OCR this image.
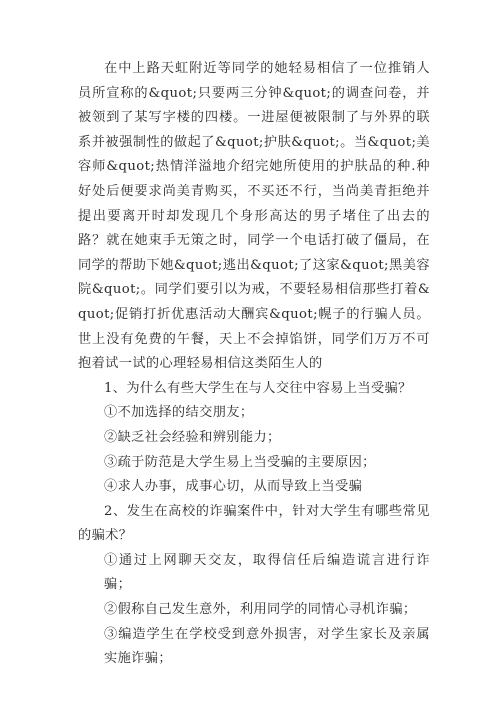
在中上路天虹附近等同学的她轻易相信了一位推销人员所宣称的&quot;只要两三分钟&quot;的调查问卷，并被领到了某写字楼的四楼。一进屋便被限制了与外界的联系并被强制性的做起了&quot;护肤&quot;。当&quot;美容师&quot;热情洋溢地介绍完她所使用的护肤品的种.种好处后便要求尚美青购买，不买还不行，当尚美青拒绝并提出要离开时却发现几个身形高达的男子堵住了出去的路？就在她束手无策之时，同学一个电话打破了僵局，在同学的帮助下她&quot;逃出&quot;了这家&quot;黑美容院&quot;。同学们要引以为戒，不要轻易相信那些打着&quot;促销打折优惠活动大酬宾&quot;幌子的行骗人员。世上没有免费的午餐，天上不会掉馅饼，同学们万万不可抱着试一试的心理轻易相信这类陌生人的

1、为什么有些大学生在与人交往中容易上当受骗？

①不加选择的结交朋友；

②缺乏社会经验和辨别能力；

③疏于防范是大学生易上当受骗的主要原因；

④求人办事，成事心切，从而导致上当受骗

2、发生在高校的诈骗案件中，针对大学生有哪些常见的骗术？

①通过上网聊天交友，取得信任后编造谎言进行诈骗；

②假称自己发生意外，利用同学的同情心寻机诈骗；

③编造学生在学校受到意外损害，对学生家长及亲属实施诈骗；
